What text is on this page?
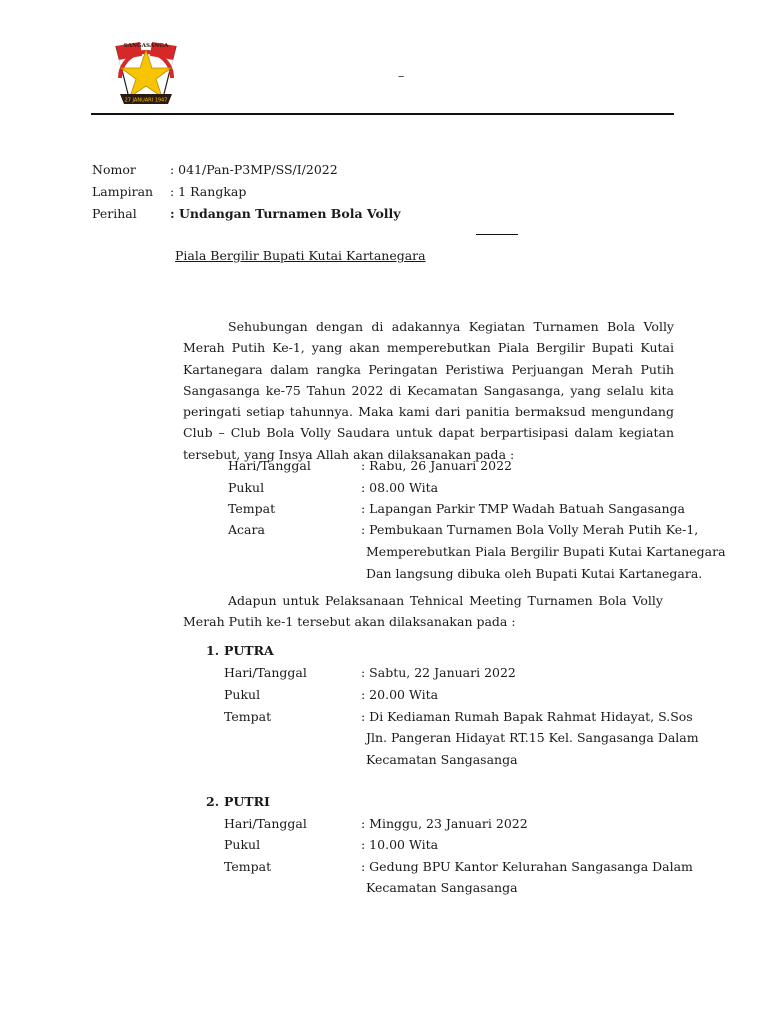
27 JANUARI 1947
SANGASANGA
–
Nomor	: 041/Pan-P3MP/SS/I/2022
Lampiran : 1 Rangkap
Perihal	: Undangan Turnamen Bola Volly
Piala Bergilir Bupati Kutai Kartanegara

Sehubungan dengan di adakannya Kegiatan Turnamen Bola Volly Merah Putih Ke-1, yang akan memperebutkan Piala Bergilir Bupati Kutai Kartanegara dalam rangka Peringatan Peristiwa Perjuangan Merah Putih Sangasanga ke-75 Tahun 2022 di Kecamatan Sangasanga, yang selalu kita peringati setiap tahunnya. Maka kami dari panitia bermaksud mengundang Club – Club Bola Volly Saudara untuk dapat berpartisipasi dalam kegiatan tersebut, yang Insya Allah akan dilaksanakan pada :

Hari/Tanggal	: Rabu, 26 Januari 2022
Pukul	: 08.00 Wita
Tempat	: Lapangan Parkir TMP Wadah Batuah Sangasanga
Acara	: Pembukaan Turnamen Bola Volly Merah Putih Ke-1,
Memperebutkan Piala Bergilir Bupati Kutai Kartanegara
Dan langsung dibuka oleh Bupati Kutai Kartanegara.

Adapun untuk Pelaksanaan Tehnical Meeting Turnamen Bola Volly Merah Putih ke-1 tersebut akan dilaksanakan pada :

1. PUTRA
Hari/Tanggal	: Sabtu, 22 Januari 2022
Pukul	: 20.00 Wita
Tempat	: Di Kediaman Rumah Bapak Rahmat Hidayat, S.Sos
Jln. Pangeran Hidayat RT.15 Kel. Sangasanga Dalam
Kecamatan Sangasanga
2. PUTRI
Hari/Tanggal	: Minggu, 23 Januari 2022
Pukul	: 10.00 Wita
Tempat	: Gedung BPU Kantor Kelurahan Sangasanga Dalam
Kecamatan Sangasanga
